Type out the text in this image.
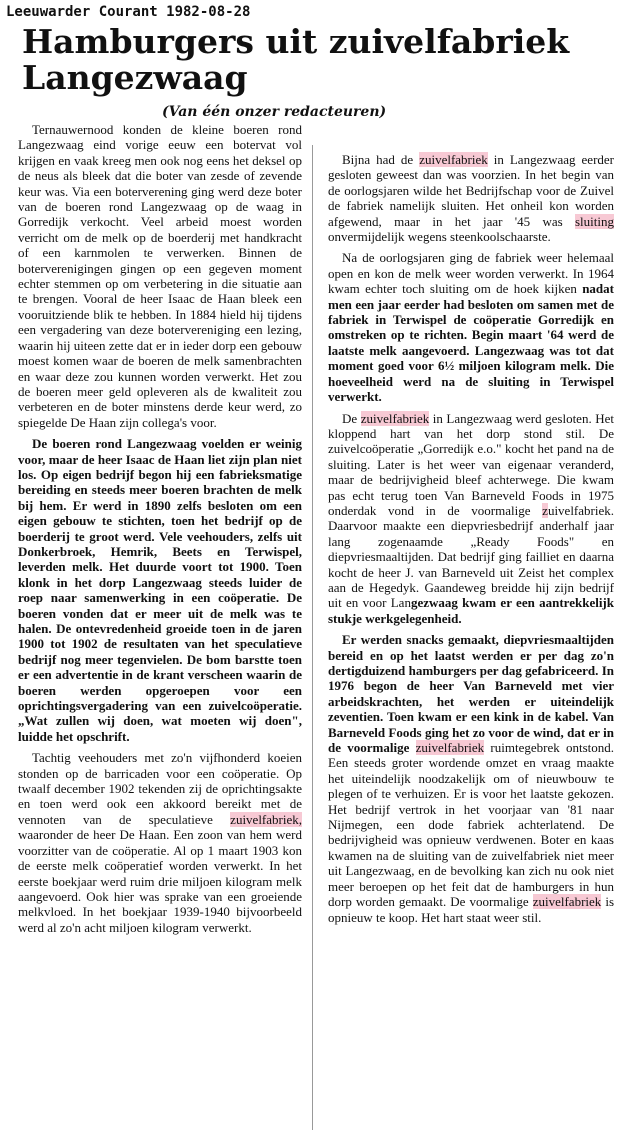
Leeuwarder Courant 1982-08-28
Hamburgers uit zuivelfabriek Langezwaag
(Van één onzer redacteuren)

Ternauwernood konden de kleine boeren rond Langezwaag eind vorige eeuw een botervat vol krijgen en vaak kreeg men ook nog eens het deksel op de neus als bleek dat die boter van zesde of zevende keur was. Via een boterverening ging werd deze boter van de boeren rond Langezwaag op de waag in Gorredijk verkocht. Veel arbeid moest worden verricht om de melk op de boerderij met handkracht of een karnmolen te verwerken. Binnen de boterverenigingen gingen op een gegeven moment echter stemmen op om verbetering in die situatie aan te brengen. Vooral de heer Isaac de Haan bleek een vooruitziende blik te hebben. In 1884 hield hij tijdens een vergadering van deze botervereniging een lezing, waarin hij uiteen zette dat er in ieder dorp een gebouw moest komen waar de boeren de melk samenbrachten en waar deze zou kunnen worden verwerkt. Het zou de boeren meer geld opleveren als de kwaliteit zou verbeteren en de boter minstens derde keur werd, zo spiegelde De Haan zijn collega's voor.

De boeren rond Langezwaag voelden er weinig voor, maar de heer Isaac de Haan liet zijn plan niet los. Op eigen bedrijf begon hij een fabrieksmatige bereiding en steeds meer boeren brachten de melk bij hem. Er werd in 1890 zelfs besloten om een eigen gebouw te stichten, toen het bedrijf op de boerderij te groot werd. Vele veehouders, zelfs uit Donkerbroek, Hemrik, Beets en Terwispel, leverden melk. Het duurde voort tot 1900. Toen klonk in het dorp Langezwaag steeds luider de roep naar samenwerking in een coöperatie. De boeren vonden dat er meer uit de melk was te halen. De ontevredenheid groeide toen in de jaren 1900 tot 1902 de resultaten van het speculatieve bedrijf nog meer tegenvielen. De bom barstte toen er een advertentie in de krant verscheen waarin de boeren werden opgeroepen voor een oprichtingsvergadering van een zuivelcoöperatie. „Wat zullen wij doen, wat moeten wij doen", luidde het opschrift.

Tachtig veehouders met zo'n vijfhonderd koeien stonden op de barricaden voor een coöperatie. Op twaalf december 1902 tekenden zij de oprichtingsakte en toen werd ook een akkoord bereikt met de vennoten van de speculatieve zuivelfabriek, waaronder de heer De Haan. Een zoon van hem werd voorzitter van de coöperatie. Al op 1 maart 1903 kon de eerste melk coöperatief worden verwerkt. In het eerste boekjaar werd ruim drie miljoen kilogram melk aangevoerd. Ook hier was sprake van een groeiende melkvloed. In het boekjaar 1939-1940 bijvoorbeeld werd al zo'n acht miljoen kilogram verwerkt.

Bijna had de zuivelfabriek in Langezwaag eerder gesloten geweest dan was voorzien. In het begin van de oorlogsjaren wilde het Bedrijfschap voor de Zuivel de fabriek namelijk sluiten. Het onheil kon worden afgewend, maar in het jaar '45 was sluiting onvermijdelijk wegens steenkoolschaarste.

Na de oorlogsjaren ging de fabriek weer helemaal open en kon de melk weer worden verwerkt. In 1964 kwam echter toch sluiting om de hoek kijken nadat men een jaar eerder had besloten om samen met de fabriek in Terwispel de coöperatie Gorredijk en omstreken op te richten. Begin maart '64 werd de laatste melk aangevoerd. Langezwaag was tot dat moment goed voor 6½ miljoen kilogram melk. Die hoeveelheid werd na de sluiting in Terwispel verwerkt.

De zuivelfabriek in Langezwaag werd gesloten. Het kloppend hart van het dorp stond stil. De zuivelcoöperatie „Gorredijk e.o." kocht het pand na de sluiting. Later is het weer van eigenaar veranderd, maar de bedrijvigheid bleef achterwege. Die kwam pas echt terug toen Van Barneveld Foods in 1975 onderdak vond in de voormalige zuivelfabriek. Daarvoor maakte een diepvriesbedrijf anderhalf jaar lang zogenaamde „Ready Foods" en diepvriesmaaltijden. Dat bedrijf ging failliet en daarna kocht de heer J. van Barneveld uit Zeist het complex aan de Hegedyk. Gaandeweg breidde hij zijn bedrijf uit en voor Langezwaag kwam er een aantrekkelijk stukje werkgelegenheid.

Er werden snacks gemaakt, diepvriesmaaltijden bereid en op het laatst werden er per dag zo'n dertigduizend hamburgers per dag gefabriceerd. In 1976 begon de heer Van Barneveld met vier arbeidskrachten, het werden er uiteindelijk zeventien. Toen kwam er een kink in de kabel. Van Barneveld Foods ging het zo voor de wind, dat er in de voormalige zuivelfabriek ruimtegebrek ontstond. Een steeds groter wordende omzet en vraag maakte het uiteindelijk noodzakelijk om of nieuwbouw te plegen of te verhuizen. Er is voor het laatste gekozen. Het bedrijf vertrok in het voorjaar van '81 naar Nijmegen, een dode fabriek achterlatend. De bedrijvigheid was opnieuw verdwenen. Boter en kaas kwamen na de sluiting van de zuivelfabriek niet meer uit Langezwaag, en de bevolking kan zich nu ook niet meer beroepen op het feit dat de hamburgers in hun dorp worden gemaakt. De voormalige zuivelfabriek is opnieuw te koop. Het hart staat weer stil.
